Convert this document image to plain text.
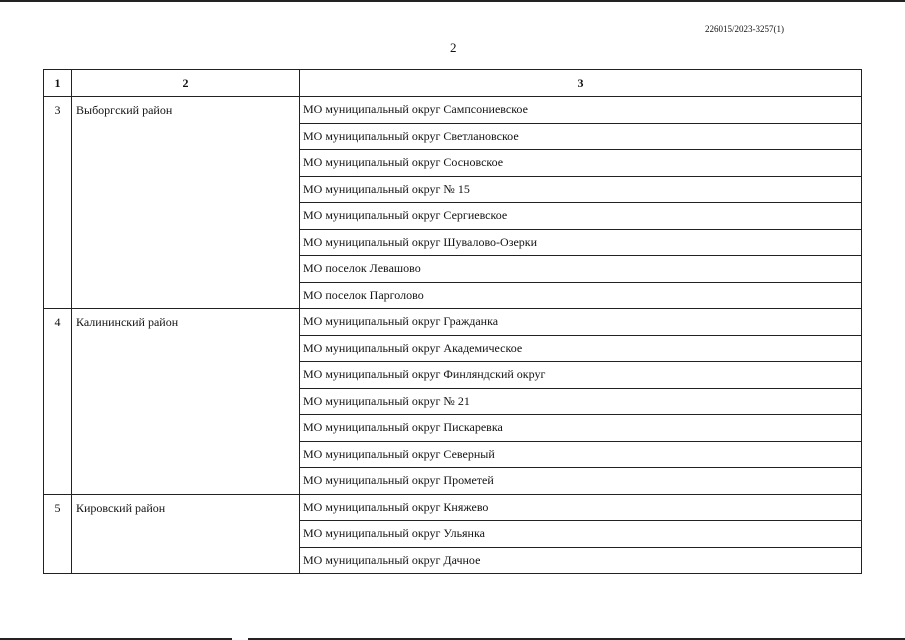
226015/2023-3257(1)
2
1	2	3
3	Выборгский район	МО муниципальный округ Сампсониевское
		МО муниципальный округ Светлановское
		МО муниципальный округ Сосновское
		МО муниципальный округ № 15
		МО муниципальный округ Сергиевское
		МО муниципальный округ Шувалово-Озерки
		МО поселок Левашово
		МО поселок Парголово
4	Калининский район	МО муниципальный округ Гражданка
		МО муниципальный округ Академическое
		МО муниципальный округ Финляндский округ
		МО муниципальный округ № 21
		МО муниципальный округ Пискаревка
		МО муниципальный округ Северный
		МО муниципальный округ Прометей
5	Кировский район	МО муниципальный округ Княжево
		МО муниципальный округ Ульянка
		МО муниципальный округ Дачное
